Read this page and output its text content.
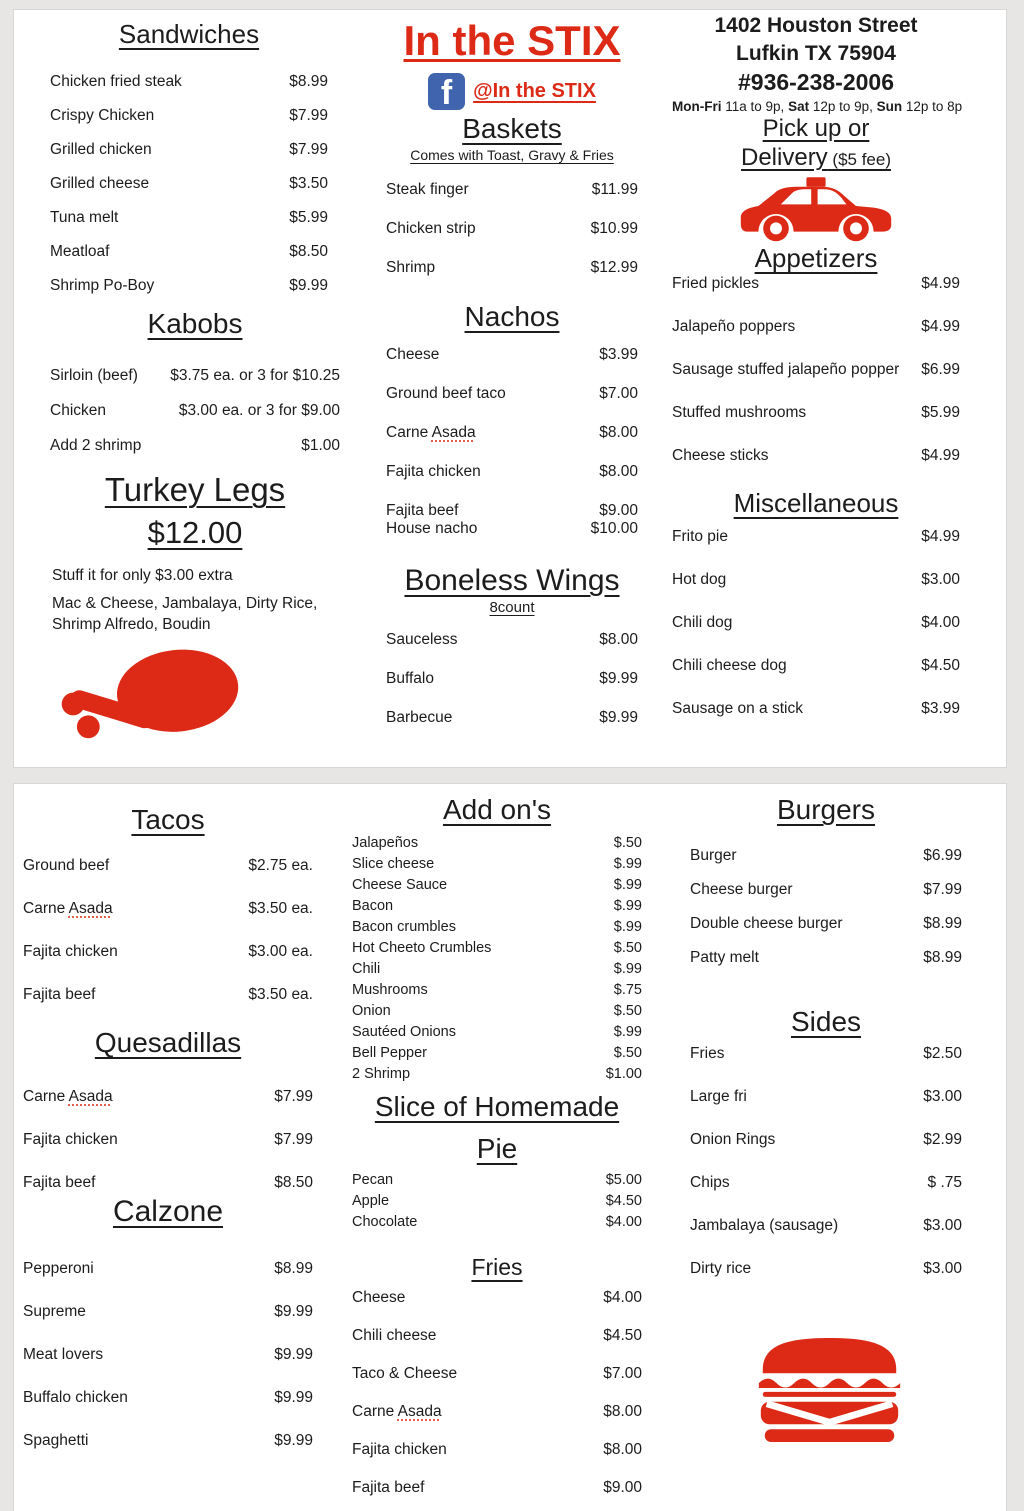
Sandwiches
Chicken fried steak	$8.99
Crispy Chicken	$7.99
Grilled chicken	$7.99
Grilled cheese	$3.50
Tuna melt	$5.99
Meatloaf	$8.50
Shrimp Po-Boy	$9.99
Kabobs
Sirloin (beef) $3.75 ea. or 3 for $10.25
Chicken	$3.00 ea. or 3 for $9.00
Add 2 shrimp	$1.00
Turkey Legs
$12.00
Stuff it for only $3.00 extra
Mac & Cheese, Jambalaya, Dirty Rice, Shrimp Alfredo, Boudin
In the STIX
f	@In the STIX
Baskets
Comes with Toast, Gravy & Fries
Steak finger	$11.99
Chicken strip	$10.99
Shrimp	$12.99
Nachos
Cheese	$3.99
Ground beef taco	$7.00
Carne Asada	$8.00
Fajita chicken	$8.00
Fajita beef	$9.00
House nacho	$10.00
Boneless Wings
8count
Sauceless	$8.00
Buffalo	$9.99
Barbecue	$9.99
1402 Houston Street
Lufkin TX 75904
#936-238-2006
Mon-Fri 11a to 9p, Sat 12p to 9p, Sun 12p to 8p
Pick up or
Delivery ($5 fee)
Appetizers
Fried pickles	$4.99
Jalapeño poppers	$4.99
Sausage stuffed jalapeño popper $6.99
Stuffed mushrooms	$5.99
Cheese sticks	$4.99
Miscellaneous
Frito pie	$4.99
Hot dog	$3.00
Chili dog	$4.00
Chili cheese dog	$4.50
Sausage on a stick	$3.99
Tacos
Ground beef	$2.75 ea.
Carne Asada	$3.50 ea.
Fajita chicken	$3.00 ea.
Fajita beef	$3.50 ea.
Quesadillas
Carne Asada	$7.99
Fajita chicken	$7.99
Fajita beef	$8.50
Calzone
Pepperoni	$8.99
Supreme	$9.99
Meat lovers	$9.99
Buffalo chicken	$9.99
Spaghetti	$9.99
Add on's
Jalapeños	$.50
Slice cheese	$.99
Cheese Sauce	$.99
Bacon	$.99
Bacon crumbles	$.99
Hot Cheeto Crumbles	$.50
Chili	$.99
Mushrooms	$.75
Onion	$.50
Sautéed Onions	$.99
Bell Pepper	$.50
2 Shrimp	$1.00
Slice of Homemade
Pie
Pecan	$5.00
Apple	$4.50
Chocolate	$4.00
Fries
Cheese	$4.00
Chili cheese	$4.50
Taco & Cheese	$7.00
Carne Asada	$8.00
Fajita chicken	$8.00
Fajita beef	$9.00
Burgers
Burger	$6.99
Cheese burger	$7.99
Double cheese burger	$8.99
Patty melt	$8.99
Sides
Fries	$2.50
Large fri	$3.00
Onion Rings	$2.99
Chips	$ .75
Jambalaya (sausage)	$3.00
Dirty rice	$3.00
